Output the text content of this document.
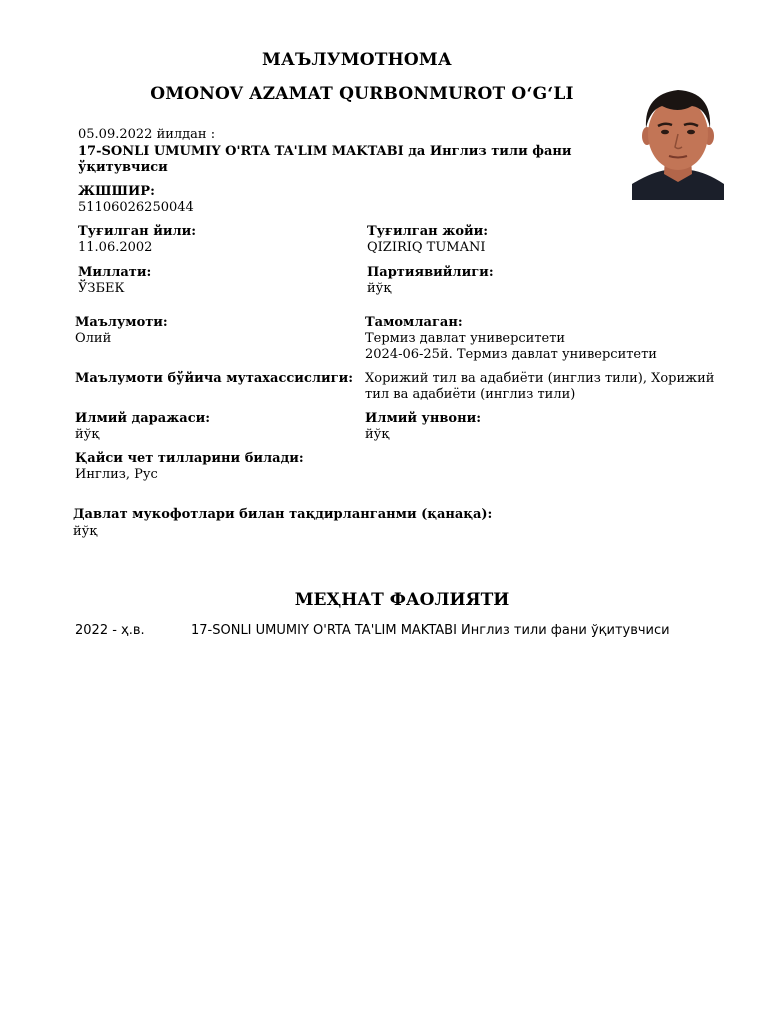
МАЪЛУМОТНОМА
OMONOV AZAMAT QURBONMUROT O‘G‘LI
05.09.2022 йилдан :
17-SONLI UMUMIY O'RTA TA'LIM MAKTABI да Инглиз тили фани
ўқитувчиси
ЖШШИР:
51106026250044
Туғилган йили:
11.06.2002
Туғилган жойи:
QIZIRIQ TUMANI
Миллати:
ЎЗБЕК
Партиявийлиги:
йўқ
Маълумоти:
Олий
Тамомлаган:
Термиз давлат университети
2024-06-25й. Термиз давлат университети
Маълумоти бўйича мутахассислиги: Хорижий тил ва адабиёти (инглиз тили), Хорижий
тил ва адабиёти (инглиз тили)
Илмий даражаси:
йўқ
Илмий унвони:
йўқ
Қайси чет тилларини билади:
Инглиз, Рус
Давлат мукофотлари билан тақдирланганми (қанақа):
йўқ
МЕҲНАТ ФАОЛИЯТИ
2022 - ҳ.в.	17-SONLI UMUMIY O'RTA TA'LIM MAKTABI Инглиз тили фани ўқитувчиси
